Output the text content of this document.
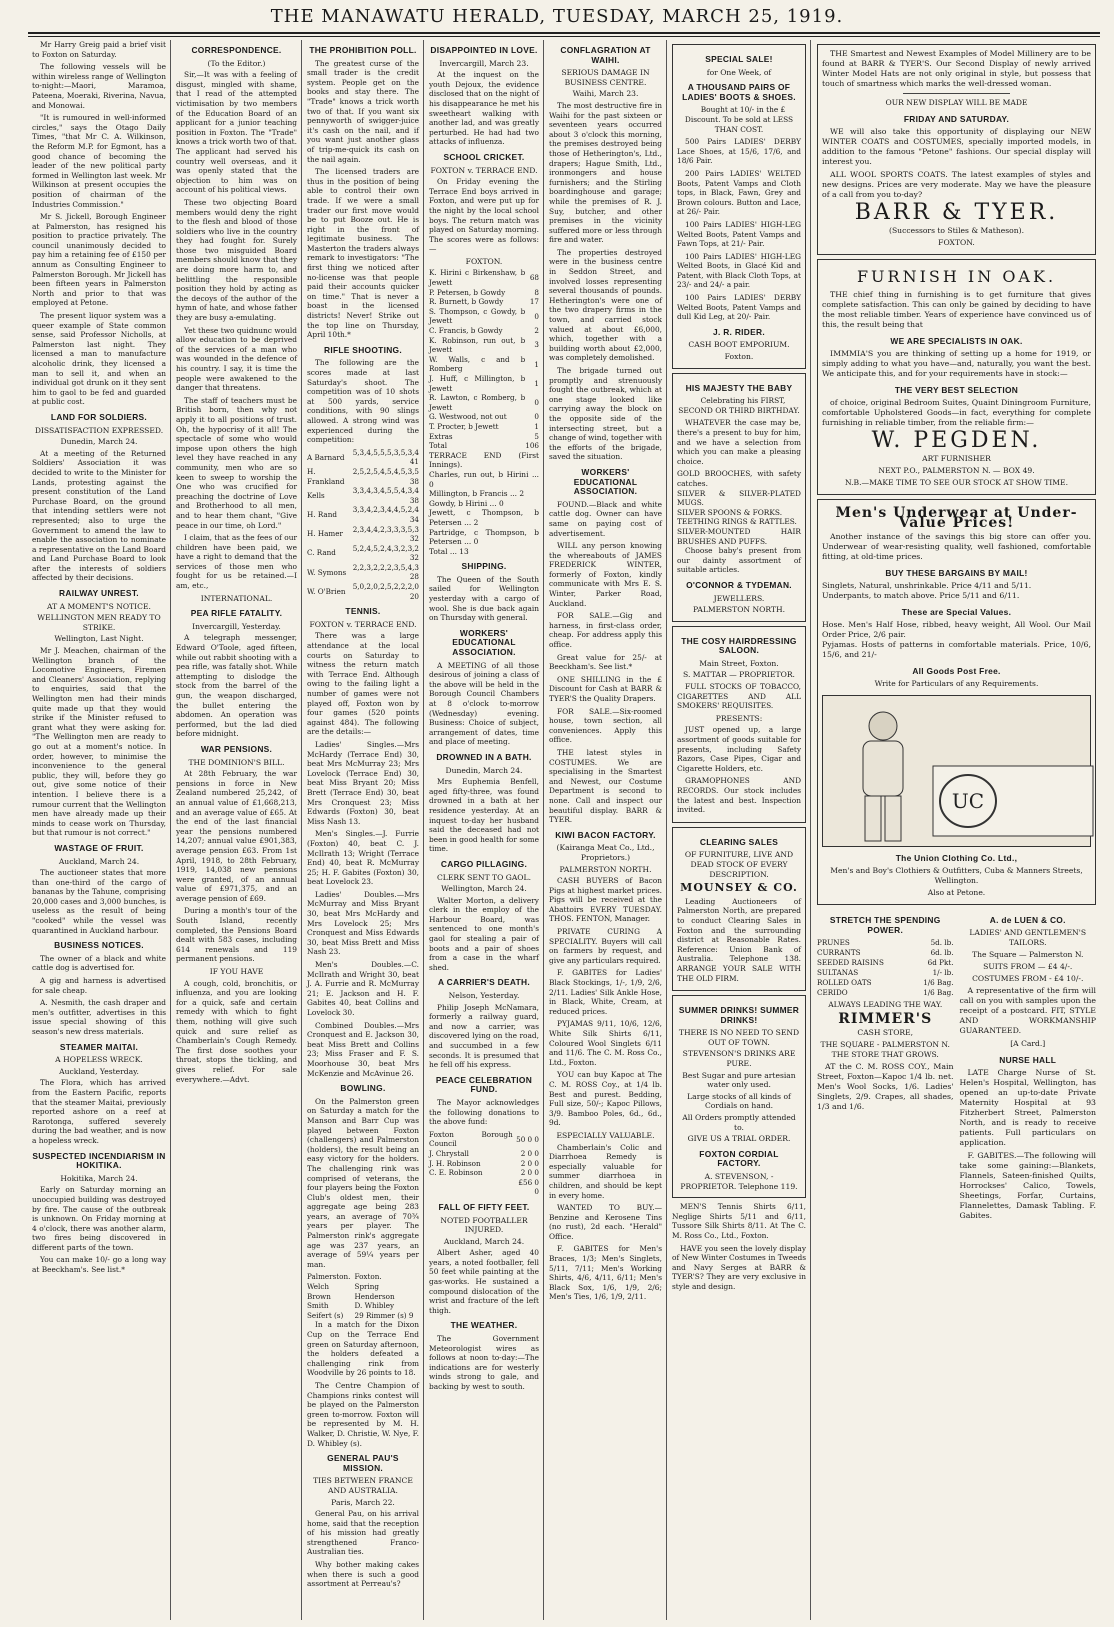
THE MANAWATU HERALD, TUESDAY, MARCH 25, 1919.

Mr Harry Greig paid a brief visit to Foxton on Saturday.

The following vessels will be within wireless range of Wellington to-night:—Maori, Maramoa, Pateena, Moeraki, Riverina, Navua, and Monowai.

"It is rumoured in well-informed circles," says the Otago Daily Times, "that Mr C. A. Wilkinson, the Reform M.P. for Egmont, has a good chance of becoming the leader of the new political party formed in Wellington last week. Mr Wilkinson at present occupies the position of chairman of the Industries Commission."

Mr S. Jickell, Borough Engineer at Palmerston, has resigned his position to practice privately. The council unanimously decided to pay him a retaining fee of £150 per annum as Consulting Engineer to Palmerston Borough. Mr Jickell has been fifteen years in Palmerston North and prior to that was employed at Petone.

The present liquor system was a queer example of State common sense, said Professor Nicholls, at Palmerston last night. They licensed a man to manufacture alcoholic drink, they licensed a man to sell it, and when an individual got drunk on it they sent him to gaol to be fed and guarded at public cost.

LAND FOR SOLDIERS.
DISSATISFACTION EXPRESSED.
Dunedin, March 24.

At a meeting of the Returned Soldiers' Association it was decided to write to the Minister for Lands, protesting against the present constitution of the Land Purchase Board, on the ground that intending settlers were not represented; also to urge the Government to amend the law to enable the association to nominate a representative on the Land Board and Land Purchase Board to look after the interests of soldiers affected by their decisions.

RAILWAY UNREST.
AT A MOMENT'S NOTICE.
WELLINGTON MEN READY TO STRIKE.
Wellington, Last Night.

Mr J. Meachen, chairman of the Wellington branch of the Locomotive Engineers, Firemen and Cleaners' Association, replying to enquiries, said that the Wellington men had their minds quite made up that they would strike if the Minister refused to grant what they were asking for. "The Wellington men are ready to go out at a moment's notice. In order, however, to minimise the inconvenience to the general public, they will, before they go out, give some notice of their intention. I believe there is a rumour current that the Wellington men have already made up their minds to cease work on Thursday, but that rumour is not correct."

WASTAGE OF FRUIT.
Auckland, March 24.

The auctioneer states that more than one-third of the cargo of bananas by the Tahune, comprising 20,000 cases and 3,000 bunches, is useless as the result of being "cooked" while the vessel was quarantined in Auckland harbour.

BUSINESS NOTICES.

The owner of a black and white cattle dog is advertised for.

A gig and harness is advertised for sale cheap.

A. Nesmith, the cash draper and men's outfitter, advertises in this issue special showing of this season's new dress materials.

STEAMER MAITAI.
A HOPELESS WRECK.
Auckland, Yesterday.

The Flora, which has arrived from the Eastern Pacific, reports that the steamer Maitai, previously reported ashore on a reef at Rarotonga, suffered severely during the bad weather, and is now a hopeless wreck.

SUSPECTED INCENDIARISM IN HOKITIKA.
Hokitika, March 24.

Early on Saturday morning an unoccupied building was destroyed by fire. The cause of the outbreak is unknown. On Friday morning at 4 o'clock, there was another alarm, two fires being discovered in different parts of the town.

You can make 10/- go a long way at Beeckham's. See list.*

CORRESPONDENCE.
(To the Editor.)

Sir,—It was with a feeling of disgust, mingled with shame, that I read of the attempted victimisation by two members of the Education Board of an applicant for a junior teaching position in Foxton. The "Trade" knows a trick worth two of that. The applicant had served his country well overseas, and it was openly stated that the objection to him was on account of his political views.

These two objecting Board members would deny the right to the flesh and blood of those soldiers who live in the country they had fought for. Surely those two misguided Board members should know that they are doing more harm to, and belittling the responsible position they hold by acting as the decoys of the author of the hymn of hate, and whose father they are busy a-emulating.

Yet these two quidnunc would allow education to be deprived of the services of a man who was wounded in the defence of his country. I say, it is time the people were awakened to the danger that threatens.

The staff of teachers must be British born, then why not apply it to all positions of trust. Oh, the hypocrisy of it all! The spectacle of some who would impose upon others the high level they have reached in any community, men who are so keen to sweep to worship the One who was crucified for preaching the doctrine of Love and Brotherhood to all men, and to hear them chant, "Give peace in our time, oh Lord."

I claim, that as the fees of our children have been paid, we have a right to demand that the services of those men who fought for us be retained.—I am, etc.,

INTERNATIONAL.
PEA RIFLE FATALITY.
Invercargill, Yesterday.

A telegraph messenger, Edward O'Toole, aged fifteen, while out rabbit shooting with a pea rifle, was fatally shot. While attempting to dislodge the stock from the barrel of the gun, the weapon discharged, the bullet entering the abdomen. An operation was performed, but the lad died before midnight.

WAR PENSIONS.
THE DOMINION'S BILL.

At 28th February, the war pensions in force in New Zealand numbered 25,242, of an annual value of £1,668,213, and an average value of £65. At the end of the last financial year the pensions numbered 14,207; annual value £901,383, average pension £63. From 1st April, 1918, to 28th February, 1919, 14,038 new pensions were granted, of an annual value of £971,375, and an average pension of £69.

During a month's tour of the South Island, recently completed, the Pensions Board dealt with 583 cases, including 614 renewals and 119 permanent pensions.

IF YOU HAVE

A cough, cold, bronchitis, or influenza, and you are looking for a quick, safe and certain remedy with which to fight them, nothing will give such quick and sure relief as Chamberlain's Cough Remedy. The first dose soothes your throat, stops the tickling, and gives relief. For sale everywhere.—Advt.

THE PROHIBITION POLL.

The greatest curse of the small trader is the credit system. People get on the books and stay there. The "Trade" knows a trick worth two of that. If you want six pennyworth of swigger-juice it's cash on the nail, and if you want just another glass of trip-me-quick its cash on the nail again.

The licensed traders are thus in the position of being able to control their own trade. If we were a small trader our first move would be to put Booze out. He is right in the front of legitimate business. The Masterton the traders always remark to investigators: "The first thing we noticed after no-license was that people paid their accounts quicker on time." That is never a boast in the licensed districts! Never! Strike out the top line on Thursday, April 10th.*

RIFLE SHOOTING.

The following are the scores made at last Saturday's shoot. The competition was of 10 shots at 500 yards, service conditions, with 90 slings allowed. A strong wind was experienced during the competition:

A Barnard	5,3,4,5,5,5,3,5,3,4 41
H. Frankland	2,5,2,5,4,5,4,5,3,5 38
Kells	3,3,4,3,4,5,5,4,3,4 38
H. Rand	3,3,4,2,3,4,4,5,2,4 34
H. Hamer	2,3,4,4,2,3,3,3,5,3 32
C. Rand	5,2,4,5,2,4,3,2,3,2 32
W. Symons	2,2,3,2,2,2,3,5,4,3 28
W. O'Brien	5,0,2,0,2,5,2,2,2,0 20
TENNIS.
FOXTON v. TERRACE END.

There was a large attendance at the local courts on Saturday to witness the return match with Terrace End. Although owing to the failing light a number of games were not played off, Foxton won by four games (520 points against 484). The following are the details:—

Ladies' Singles.—Mrs McHardy (Terrace End) 30, beat Mrs McMurray 23; Mrs Lovelock (Terrace End) 30, beat Miss Bryant 20; Miss Brett (Terrace End) 30, beat Mrs Cronquest 23; Miss Edwards (Foxton) 30, beat Miss Nash 13.

Men's Singles.—J. Furrie (Foxton) 40, beat C. J. McIlrath 13; Wright (Terrace End) 40, beat R. McMurray 25; H. F. Gabites (Foxton) 30, beat Lovelock 23.

Ladies' Doubles.—Mrs McMurray and Miss Bryant 30, beat Mrs McHardy and Mrs Lovelock 25; Mrs Cronquest and Miss Edwards 30, beat Miss Brett and Miss Nash 23.

Men's Doubles.—C. McIlrath and Wright 30, beat J. A. Furrie and R. McMurray 21; E. Jackson and H. F. Gabites 40, beat Collins and Lovelock 30.

Combined Doubles.—Mrs Cronquest and E. Jackson 30, beat Miss Brett and Collins 23; Miss Fraser and F. S. Moorhouse 30, beat Mrs McKenzie and McAvinue 26.

BOWLING.

On the Palmerston green on Saturday a match for the Manson and Barr Cup was played between Foxton (challengers) and Palmerston (holders), the result being an easy victory for the holders. The challenging rink was comprised of veterans, the four players being the Foxton Club's oldest men, their aggregate age being 283 years, an average of 70¾ years per player. The Palmerston rink's aggregate age was 237 years, an average of 59¼ years per man.

Palmerston.	Foxton.
Welch	Spring
Brown	Henderson
Smith	D. Whibley
Seifert (s)	29 Rimmer (s) 9

In a match for the Dixon Cup on the Terrace End green on Saturday afternoon, the holders defeated a challenging rink from Woodville by 26 points to 18.

The Centre Champion of Champions rinks contest will be played on the Palmerston green to-morrow. Foxton will be represented by M. H. Walker, D. Christie, W. Nye, F. D. Whibley (s).

GENERAL PAU'S MISSION.
TIES BETWEEN FRANCE AND AUSTRALIA.
Paris, March 22.

General Pau, on his arrival home, said that the reception of his mission had greatly strengthened Franco-Australian ties.

Why bother making cakes when there is such a good assortment at Perreau's?

DISAPPOINTED IN LOVE.
Invercargill, March 23.

At the inquest on the youth Dejoux, the evidence disclosed that on the night of his disappearance he met his sweetheart walking with another lad, and was greatly perturbed. He had had two attacks of influenza.

SCHOOL CRICKET.
FOXTON v. TERRACE END.

On Friday evening the Terrace End boys arrived in Foxton, and were put up for the night by the local school boys. The return match was played on Saturday morning. The scores were as follows:—

FOXTON.
K. Hirini c Birkenshaw, b Jewett	68
P. Petersen, b Gowdy	8
R. Burnett, b Gowdy	17
S. Thompson, c Gowdy, b Jewett	0
C. Francis, b Gowdy	2
K. Robinson, run out, b Jewett	3
W. Walls, c and b Romberg	1
J. Huff, c Millington, b Jewett	1
R. Lawton, c Romberg, b Jewett	0
G. Westwood, not out	0
T. Procter, b Jewett	1
Extras	5
Total	106
TERRACE END (First Innings).
Charles, run out, b Hirini ... 0
Millington, b Francis ... 2
Gowdy, b Hirini ... 0
Jewett, c Thompson, b Petersen ... 2
Partridge, c Thompson, b Petersen ... 0
Total ... 13
SHIPPING.

The Queen of the South sailed for Wellington yesterday with a cargo of wool. She is due back again on Thursday with general.

WORKERS' EDUCATIONAL ASSOCIATION.

A MEETING of all those desirous of joining a class of the above will be held in the Borough Council Chambers at 8 o'clock to-morrow (Wednesday) evening. Business: Choice of subject, arrangement of dates, time and place of meeting.

DROWNED IN A BATH.
Dunedin, March 24.

Mrs Euphemia Benfell, aged fifty-three, was found drowned in a bath at her residence yesterday. At an inquest to-day her husband said the deceased had not been in good health for some time.

CARGO PILLAGING.
CLERK SENT TO GAOL.
Wellington, March 24.

Walter Morton, a delivery clerk in the employ of the Harbour Board, was sentenced to one month's gaol for stealing a pair of boots and a pair of shoes from a case in the wharf shed.

A CARRIER'S DEATH.
Nelson, Yesterday.

Philip Joseph McNamara, formerly a railway guard, and now a carrier, was discovered lying on the road, and succumbed in a few seconds. It is presumed that he fell off his express.

PEACE CELEBRATION FUND.

The Mayor acknowledges the following donations to the above fund:

Foxton Borough Council	50 0 0
J. Chrystall	2 0 0
J. H. Robinson	2 0 0
C. E. Robinson	2 0 0
	£56 0 0
FALL OF FIFTY FEET.
NOTED FOOTBALLER INJURED.
Auckland, March 24.

Albert Asher, aged 40 years, a noted footballer, fell 50 feet while painting at the gas-works. He sustained a compound dislocation of the wrist and fracture of the left thigh.

THE WEATHER.

The Government Meteorologist wires as follows at noon to-day:—The indications are for westerly winds strong to gale, and backing by west to south.

CONFLAGRATION AT WAIHI.
SERIOUS DAMAGE IN BUSINESS CENTRE.
Waihi, March 23.

The most destructive fire in Waihi for the past sixteen or seventeen years occurred about 3 o'clock this morning, the premises destroyed being those of Hetherington's, Ltd., drapers; Hague Smith, Ltd., ironmongers and house furnishers; and the Stirling boardinghouse and garage; while the premises of R. J. Suy, butcher, and other premises in the vicinity suffered more or less through fire and water.

The properties destroyed were in the business centre in Seddon Street, and involved losses representing several thousands of pounds. Hetherington's were one of the two drapery firms in the town, and carried stock valued at about £6,000, which, together with a building worth about £2,000, was completely demolished.

The brigade turned out promptly and strenuously fought the outbreak, which at one stage looked like carrying away the block on the opposite side of the intersecting street, but a change of wind, together with the efforts of the brigade, saved the situation.

WORKERS' EDUCATIONAL ASSOCIATION.

FOUND.—Black and white cattle dog. Owner can have same on paying cost of advertisement.

WILL any person knowing the whereabouts of JAMES FREDERICK WINTER, formerly of Foxton, kindly communicate with Mrs E. S. Winter, Parker Road, Auckland.

FOR SALE.—Gig and harness, in first-class order, cheap. For address apply this office.

Great value for 25/- at Beeckham's. See list.*

ONE SHILLING in the £ Discount for Cash at BARR & TYER'S the Quality Drapers.

FOR SALE.—Six-roomed house, town section, all conveniences. Apply this office.

THE latest styles in COSTUMES. We are specialising in the Smartest and Newest, our Costume Department is second to none. Call and inspect our beautiful display. BARR & TYER.

KIWI BACON FACTORY.
(Kairanga Meat Co., Ltd., Proprietors.)
PALMERSTON NORTH.

CASH BUYERS of Bacon Pigs at highest market prices. Pigs will be received at the Abattoirs EVERY TUESDAY. THOS. FENTON, Manager.

PRIVATE CURING A SPECIALITY. Buyers will call on farmers by request, and give any particulars required.

F. GABITES for Ladies' Black Stockings, 1/-, 1/9, 2/6, 2/11. Ladies' Silk Ankle Hose, in Black, White, Cream, at reduced prices.

PYJAMAS 9/11, 10/6, 12/6, White Silk Shirts 6/11, Coloured Wool Singlets 6/11 and 11/6. The C. M. Ross Co., Ltd., Foxton.

YOU can buy Kapoc at The C. M. ROSS Coy., at 1/4 lb. Best and purest. Bedding, Full size, 50/-; Kapoc Pillows, 3/9. Bamboo Poles, 6d., 6d., 9d.

ESPECIALLY VALUABLE.

Chamberlain's Colic and Diarrhoea Remedy is especially valuable for summer diarrhoea in children, and should be kept in every home.

WANTED TO BUY.—Benzine and Kerosene Tins (no rust), 2d each. "Herald" Office.

F. GABITES for Men's Braces, 1/3; Men's Singlets, 5/11, 7/11; Men's Working Shirts, 4/6, 4/11, 6/11; Men's Black Sox, 1/6, 1/9, 2/6; Men's Ties, 1/6, 1/9, 2/11.

SPECIAL SALE!
for One Week, of
A THOUSAND PAIRS OF LADIES' BOOTS & SHOES.

Bought at 10/- in the £ Discount. To be sold at LESS THAN COST.

500 Pairs LADIES' DERBY Lace Shoes, at 15/6, 17/6, and 18/6 Pair.

200 Pairs LADIES' WELTED Boots, Patent Vamps and Cloth tops, in Black, Fawn, Grey and Brown colours. Button and Lace, at 26/- Pair.

100 Pairs LADIES' HIGH-LEG Welted Boots, Patent Vamps and Fawn Tops, at 21/- Pair.

100 Pairs LADIES' HIGH-LEG Welted Boots, in Glacé Kid and Patent, with Black Cloth Tops, at 23/- and 24/- a pair.

100 Pairs LADIES' DERBY Welted Boots, Patent Vamps and dull Kid Leg, at 20/- Pair.

J. R. RIDER.
CASH BOOT EMPORIUM.
Foxton.
HIS MAJESTY THE BABY

Celebrating his FIRST, SECOND OR THIRD BIRTHDAY.

WHATEVER the case may be, there's a present to buy for him, and we have a selection from which you can make a pleasing choice.

GOLD BROOCHES, with safety catches.
SILVER & SILVER-PLATED MUGS.
SILVER SPOONS & FORKS.
TEETHING RINGS & RATTLES.
SILVER-MOUNTED HAIR BRUSHES AND PUFFS.

Choose baby's present from our dainty assortment of suitable articles.

O'CONNOR & TYDEMAN.
JEWELLERS.
PALMERSTON NORTH.
THE COSY HAIRDRESSING SALOON.
Main Street, Foxton.
S. MATTAR — PROPRIETOR.

FULL STOCKS OF TOBACCO, CIGARETTES AND ALL SMOKERS' REQUISITES.

PRESENTS:

JUST opened up, a large assortment of goods suitable for presents, including Safety Razors, Case Pipes, Cigar and Cigarette Holders, etc.

GRAMOPHONES AND RECORDS. Our stock includes the latest and best. Inspection invited.

CLEARING SALES
OF FURNITURE, LIVE AND DEAD STOCK OF EVERY DESCRIPTION.
MOUNSEY & CO.

Leading Auctioneers of Palmerston North, are prepared to conduct Clearing Sales in Foxton and the surrounding district at Reasonable Rates. Reference: Union Bank of Australia. Telephone 138. ARRANGE YOUR SALE WITH THE OLD FIRM.

SUMMER DRINKS! SUMMER DRINKS!
THERE IS NO NEED TO SEND OUT OF TOWN.
STEVENSON'S DRINKS ARE PURE.
Best Sugar and pure artesian water only used.
Large stocks of all kinds of Cordials on hand.
All Orders promptly attended to.
GIVE US A TRIAL ORDER.
FOXTON CORDIAL FACTORY.
A. STEVENSON, - PROPRIETOR. Telephone 119.

MEN'S Tennis Shirts 6/11, Neglige Shirts 5/11 and 6/11, Tussore Silk Shirts 8/11. At The C. M. Ross Co., Ltd., Foxton.

HAVE you seen the lovely display of New Winter Costumes in Tweeds and Navy Serges at BARR & TYER'S? They are very exclusive in style and design.

THE Smartest and Newest Examples of Model Millinery are to be found at BARR & TYER'S. Our Second Display of newly arrived Winter Model Hats are not only original in style, but possess that touch of smartness which marks the well-dressed woman.

OUR NEW DISPLAY WILL BE MADE
FRIDAY AND SATURDAY.

WE will also take this opportunity of displaying our NEW WINTER COATS and COSTUMES, specially imported models, in addition to the famous "Petone" fashions. Our special display will interest you.

ALL WOOL SPORTS COATS. The latest examples of styles and new designs. Prices are very moderate. May we have the pleasure of a call from you to-day?

BARR & TYER.
(Successors to Stiles & Matheson).
FOXTON.
FURNISH IN OAK.

THE chief thing in furnishing is to get furniture that gives complete satisfaction. This can only be gained by deciding to have the most reliable timber. Years of experience have convinced us of this, the result being that

WE ARE SPECIALISTS IN OAK.

IMMMIA'S you are thinking of setting up a home for 1919, or simply adding to what you have—and, naturally, you want the best. We anticipate this, and for your requirements have in stock:—

THE VERY BEST SELECTION

of choice, original Bedroom Suites, Quaint Diningroom Furniture, comfortable Upholstered Goods—in fact, everything for complete furnishing in reliable timber, from the reliable firm:—

W. PEGDEN.
ART FURNISHER
NEXT P.O., PALMERSTON N. — BOX 49.
N.B.—MAKE TIME TO SEE OUR STOCK AT SHOW TIME.
Men's Underwear at Under-Value Prices!

Another instance of the savings this big store can offer you. Underwear of wear-resisting quality, well fashioned, comfortable fitting, at old-time prices.

BUY THESE BARGAINS BY MAIL!
Singlets, Natural, unshrinkable. Price 4/11 and 5/11.
Underpants, to match above. Price 5/11 and 6/11.
These are Special Values.
Hose. Men's Half Hose, ribbed, heavy weight, All Wool. Our Mail Order Price, 2/6 pair.
Pyjamas. Hosts of patterns in comfortable materials. Price, 10/6, 15/6, and 21/-
All Goods Post Free.
Write for Particulars of any Requirements.
UC
The Union Clothing Co. Ltd.,
Men's and Boy's Clothiers & Outfitters, Cuba & Manners Streets, Wellington.
Also at Petone.
STRETCH THE SPENDING POWER.
PRUNES	5d. lb.
CURRANTS	6d. lb.
SEEDED RAISINS	6d Pkt.
SULTANAS	1/- lb.
ROLLED OATS	1/6 Bag.
CERIDO	1/6 Bag.
ALWAYS LEADING THE WAY.
RIMMER'S
CASH STORE,
THE SQUARE - PALMERSTON N. THE STORE THAT GROWS.

AT the C. M. ROSS COY., Main Street, Foxton—Kapoc 1/4 lb. net. Men's Wool Socks, 1/6. Ladies' Singlets, 2/9. Crapes, all shades, 1/3 and 1/6.

A. de LUEN & CO.
LADIES' AND GENTLEMEN'S TAILORS.
The Square — Palmerston N.
SUITS FROM — £4 4/-.
COSTUMES FROM - £4 10/-.

A representative of the firm will call on you with samples upon the receipt of a postcard. FIT, STYLE AND WORKMANSHIP GUARANTEED.

[A Card.]
NURSE HALL

LATE Charge Nurse of St. Helen's Hospital, Wellington, has opened an up-to-date Private Maternity Hospital at 93 Fitzherbert Street, Palmerston North, and is ready to receive patients. Full particulars on application.

F. GABITES.—The following will take some gaining:—Blankets, Flannels, Sateen-finished Quilts, Horrockses' Calico, Towels, Sheetings, Forfar, Curtains, Flannelettes, Damask Tabling. F. Gabites.
